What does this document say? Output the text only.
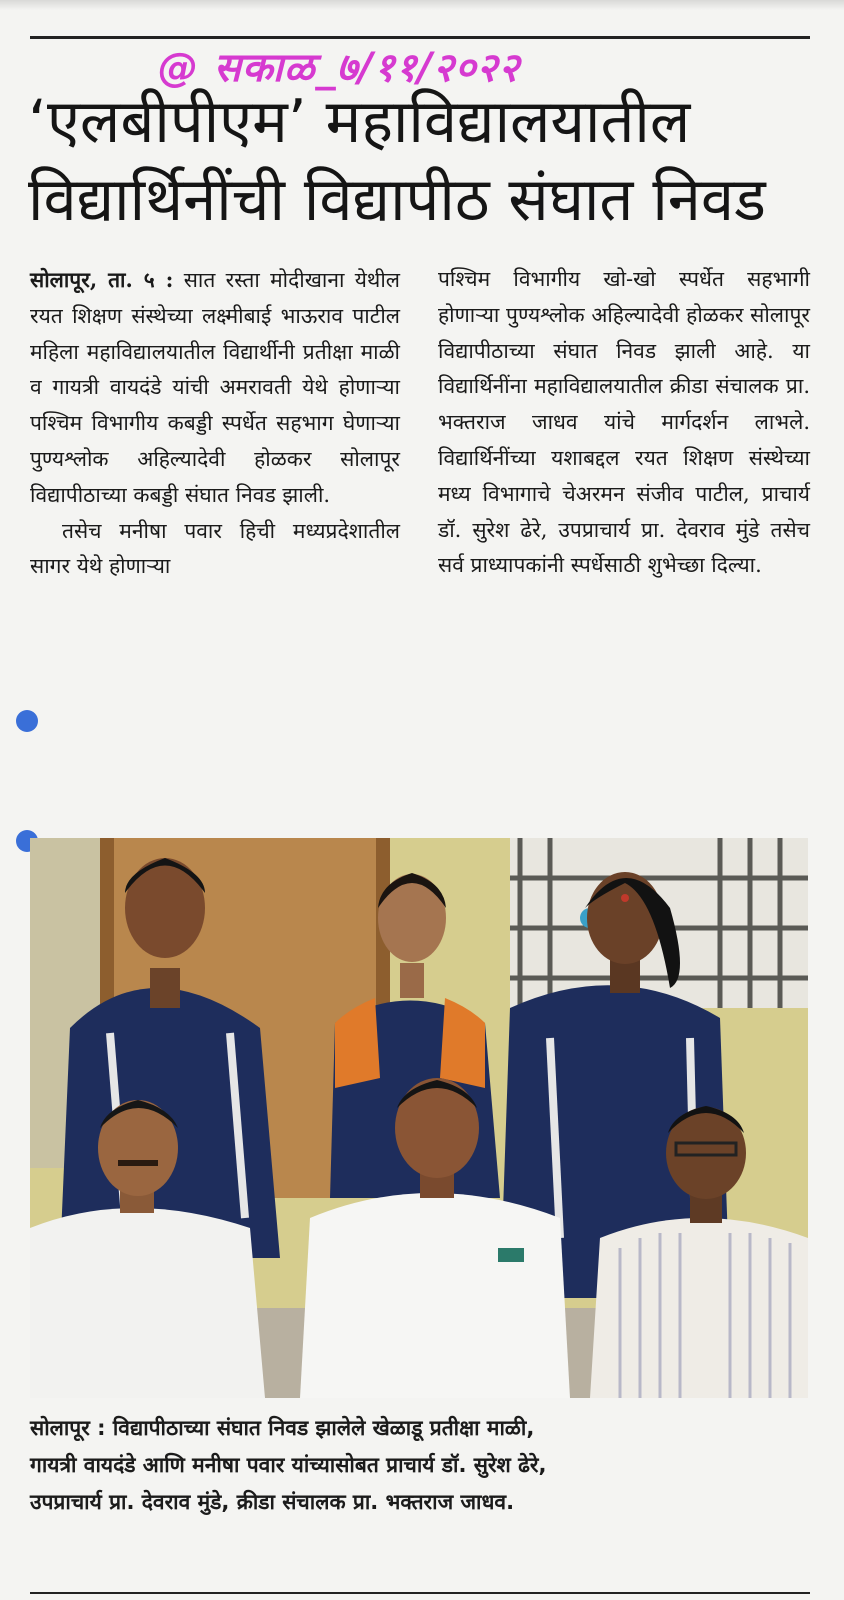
@ सकाळ_७/११/२०२२
‘एलबीपीएम’ महाविद्यालयातील
विद्यार्थिनींची विद्यापीठ संघात निवड

सोलापूर, ता. ५ : सात रस्ता मोदीखाना येथील रयत शिक्षण संस्थेच्या लक्ष्मीबाई भाऊराव पाटील महिला महाविद्यालयातील विद्यार्थीनी प्रतीक्षा माळी व गायत्री वायदंडे यांची अमरावती येथे होणाऱ्या पश्चिम विभागीय कबड्डी स्पर्धेत सहभाग घेणाऱ्या पुण्यश्लोक अहिल्यादेवी होळकर सोलापूर विद्यापीठाच्या कबड्डी संघात निवड झाली.

तसेच मनीषा पवार हिची मध्यप्रदेशातील सागर येथे होणाऱ्या

पश्चिम विभागीय खो-खो स्पर्धेत सहभागी होणाऱ्या पुण्यश्लोक अहिल्यादेवी होळकर सोलापूर विद्यापीठाच्या संघात निवड झाली आहे. या विद्यार्थिनींना महाविद्यालयातील क्रीडा संचालक प्रा. भक्तराज जाधव यांचे मार्गदर्शन लाभले. विद्यार्थिनींच्या यशाबद्दल रयत शिक्षण संस्थेच्या मध्य विभागाचे चेअरमन संजीव पाटील, प्राचार्य डॉ. सुरेश ढेरे, उपप्राचार्य प्रा. देवराव मुंडे तसेच सर्व प्राध्यापकांनी स्पर्धेसाठी शुभेच्छा दिल्या.

सोलापूर : विद्यापीठाच्या संघात निवड झालेले खेळाडू प्रतीक्षा माळी,

गायत्री वायदंडे आणि मनीषा पवार यांच्यासोबत प्राचार्य डॉ. सुरेश ढेरे,

उपप्राचार्य प्रा. देवराव मुंडे, क्रीडा संचालक प्रा. भक्तराज जाधव.
